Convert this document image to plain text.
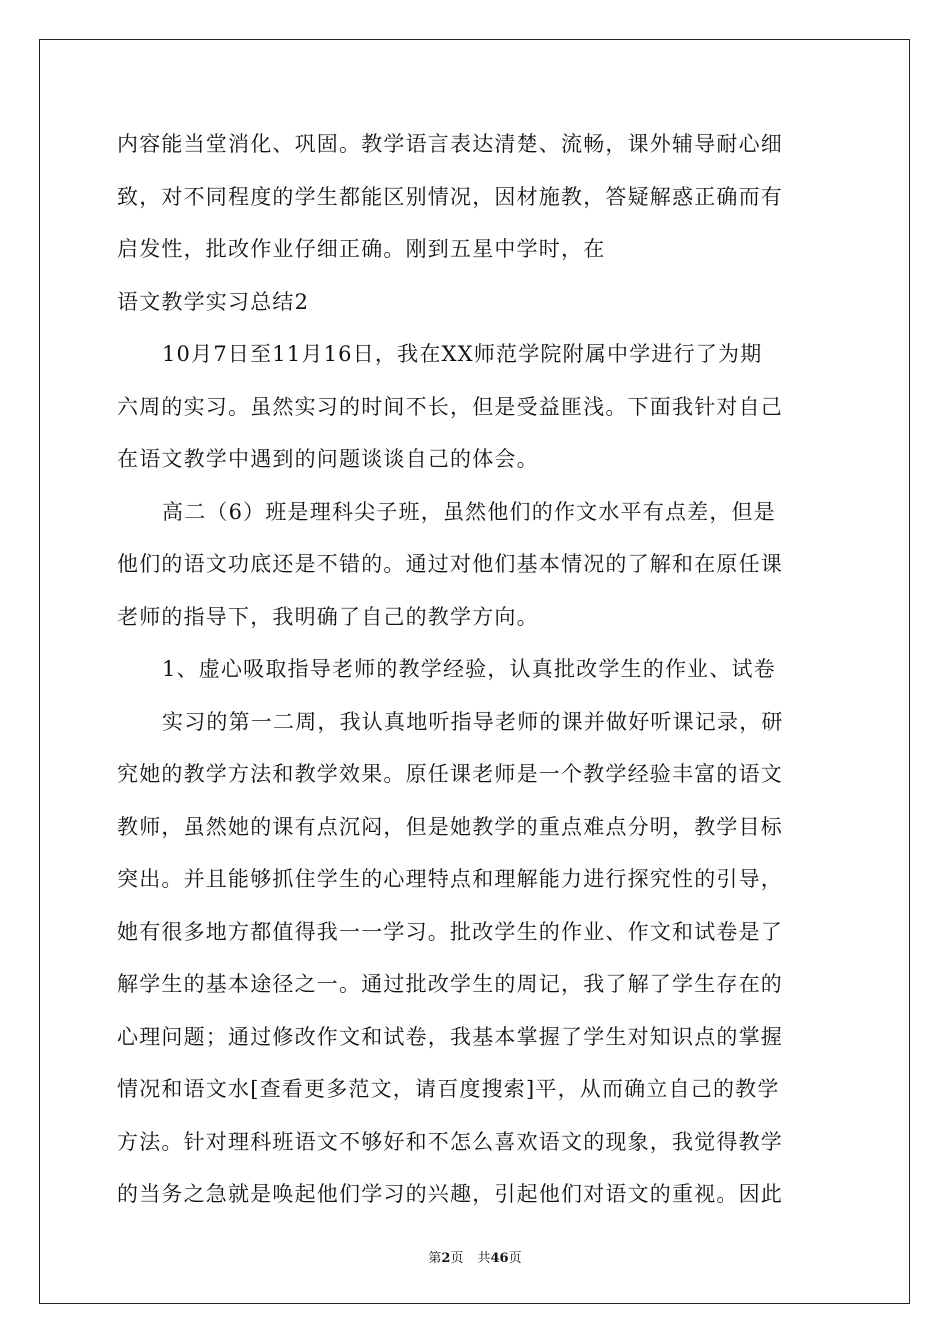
内容能当堂消化、巩固。教学语言表达清楚、流畅，课外辅导耐心细
致，对不同程度的学生都能区别情况，因材施教，答疑解惑正确而有
启发性，批改作业仔细正确。刚到五星中学时，在
语文教学实习总结2
10月7日至11月16日，我在XX师范学院附属中学进行了为期
六周的实习。虽然实习的时间不长，但是受益匪浅。下面我针对自己
在语文教学中遇到的问题谈谈自己的体会。
高二（6）班是理科尖子班，虽然他们的作文水平有点差，但是
他们的语文功底还是不错的。通过对他们基本情况的了解和在原任课
老师的指导下，我明确了自己的教学方向。
1、虚心吸取指导老师的教学经验，认真批改学生的作业、试卷
实习的第一二周，我认真地听指导老师的课并做好听课记录，研
究她的教学方法和教学效果。原任课老师是一个教学经验丰富的语文
教师，虽然她的课有点沉闷，但是她教学的重点难点分明，教学目标
突出。并且能够抓住学生的心理特点和理解能力进行探究性的引导，
她有很多地方都值得我一一学习。批改学生的作业、作文和试卷是了
解学生的基本途径之一。通过批改学生的周记，我了解了学生存在的
心理问题；通过修改作文和试卷，我基本掌握了学生对知识点的掌握
情况和语文水[查看更多范文，请百度搜索]平，从而确立自己的教学
方法。针对理科班语文不够好和不怎么喜欢语文的现象，我觉得教学
的当务之急就是唤起他们学习的兴趣，引起他们对语文的重视。因此
第2页 共46页
